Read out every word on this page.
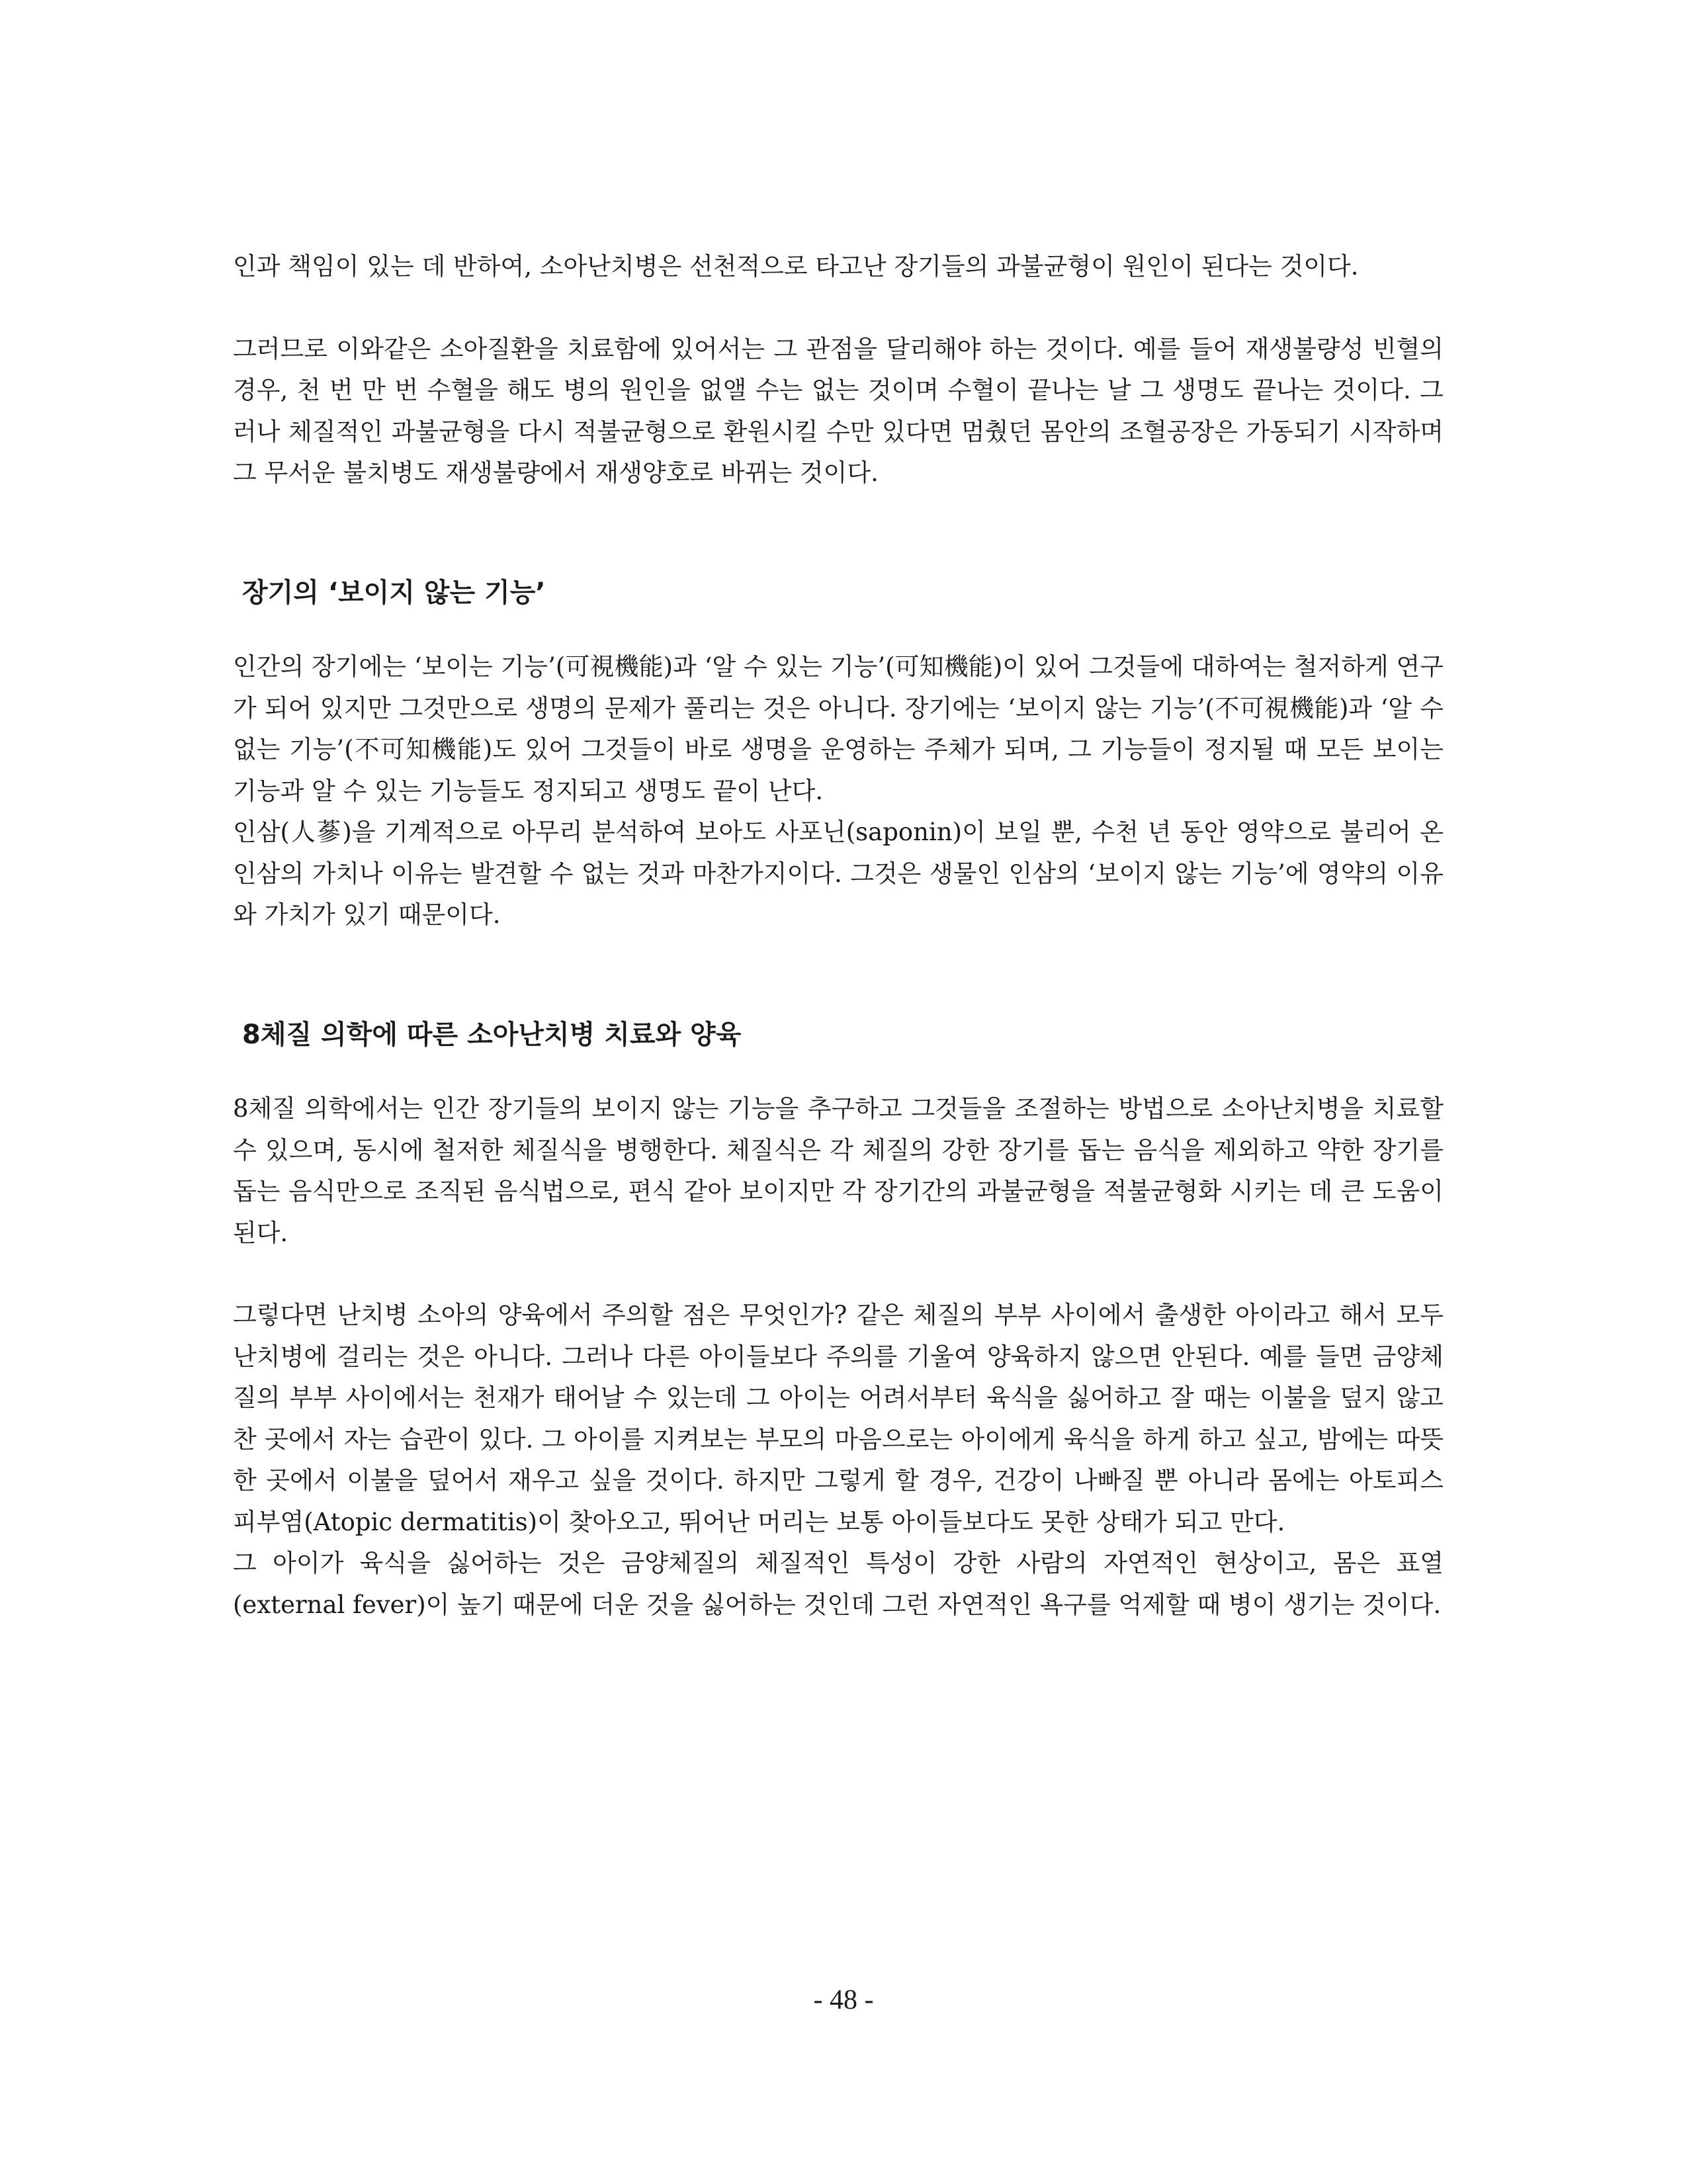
인과 책임이 있는 데 반하여, 소아난치병은 선천적으로 타고난 장기들의 과불균형이 원인이 된다는 것이다.

그러므로 이와같은 소아질환을 치료함에 있어서는 그 관점을 달리해야 하는 것이다. 예를 들어 재생불량성 빈혈의 경우, 천 번 만 번 수혈을 해도 병의 원인을 없앨 수는 없는 것이며 수혈이 끝나는 날 그 생명도 끝나는 것이다. 그러나 체질적인 과불균형을 다시 적불균형으로 환원시킬 수만 있다면 멈췄던 몸안의 조혈공장은 가동되기 시작하며 그 무서운 불치병도 재생불량에서 재생양호로 바뀌는 것이다.

장기의 ‘보이지 않는 기능’

인간의 장기에는 ‘보이는 기능’(可視機能)과 ‘알 수 있는 기능’(可知機能)이 있어 그것들에 대하여는 철저하게 연구가 되어 있지만 그것만으로 생명의 문제가 풀리는 것은 아니다. 장기에는 ‘보이지 않는 기능’(不可視機能)과 ‘알 수 없는 기능’(不可知機能)도 있어 그것들이 바로 생명을 운영하는 주체가 되며, 그 기능들이 정지될 때 모든 보이는 기능과 알 수 있는 기능들도 정지되고 생명도 끝이 난다.

인삼(人蔘)을 기계적으로 아무리 분석하여 보아도 사포닌(saponin)이 보일 뿐, 수천 년 동안 영약으로 불리어 온 인삼의 가치나 이유는 발견할 수 없는 것과 마찬가지이다. 그것은 생물인 인삼의 ‘보이지 않는 기능’에 영약의 이유와 가치가 있기 때문이다.

8체질 의학에 따른 소아난치병 치료와 양육

8체질 의학에서는 인간 장기들의 보이지 않는 기능을 추구하고 그것들을 조절하는 방법으로 소아난치병을 치료할 수 있으며, 동시에 철저한 체질식을 병행한다. 체질식은 각 체질의 강한 장기를 돕는 음식을 제외하고 약한 장기를 돕는 음식만으로 조직된 음식법으로, 편식 같아 보이지만 각 장기간의 과불균형을 적불균형화 시키는 데 큰 도움이 된다.

그렇다면 난치병 소아의 양육에서 주의할 점은 무엇인가? 같은 체질의 부부 사이에서 출생한 아이라고 해서 모두 난치병에 걸리는 것은 아니다. 그러나 다른 아이들보다 주의를 기울여 양육하지 않으면 안된다. 예를 들면 금양체질의 부부 사이에서는 천재가 태어날 수 있는데 그 아이는 어려서부터 육식을 싫어하고 잘 때는 이불을 덮지 않고 찬 곳에서 자는 습관이 있다. 그 아이를 지켜보는 부모의 마음으로는 아이에게 육식을 하게 하고 싶고, 밤에는 따뜻한 곳에서 이불을 덮어서 재우고 싶을 것이다. 하지만 그렇게 할 경우, 건강이 나빠질 뿐 아니라 몸에는 아토피스 피부염(Atopic dermatitis)이 찾아오고, 뛰어난 머리는 보통 아이들보다도 못한 상태가 되고 만다.

그 아이가 육식을 싫어하는 것은 금양체질의 체질적인 특성이 강한 사람의 자연적인 현상이고, 몸은 표열(external fever)이 높기 때문에 더운 것을 싫어하는 것인데 그런 자연적인 욕구를 억제할 때 병이 생기는 것이다.

- 48 -
